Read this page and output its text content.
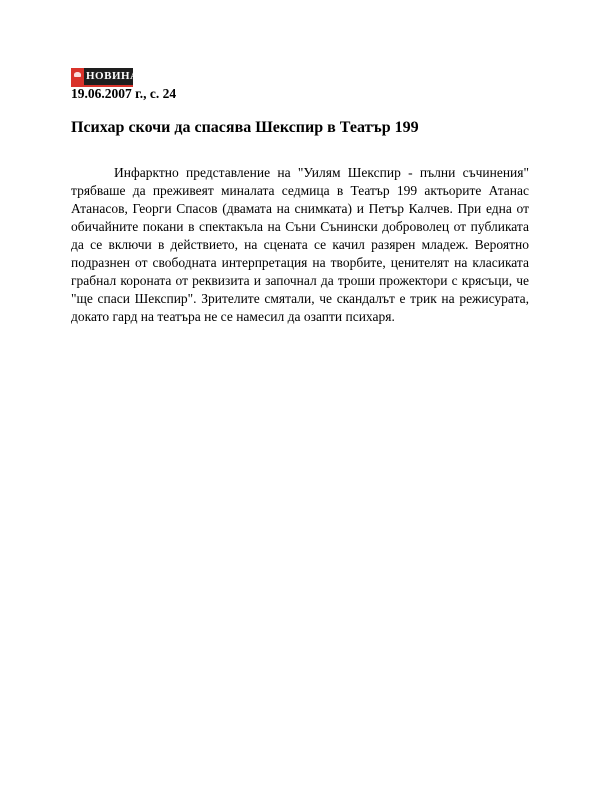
НОВИНАР
19.06.2007 г., с. 24
Психар скочи да спасява Шекспир в Театър 199

Инфарктно представление на "Уилям Шекспир - пълни съчинения" трябваше да преживеят миналата седмица в Театър 199 актьорите Атанас Атанасов, Георги Спасов (двамата на снимката) и Петър Калчев. При една от обичайните покани в спектакъла на Съни Сънински доброволец от публиката да се включи в действието, на сцената се качил разярен младеж. Вероятно подразнен от свободната интерпретация на творбите, ценителят на класиката грабнал короната от реквизита и започнал да троши прожектори с крясъци, че "ще спаси Шекспир". Зрителите смятали, че скандалът е трик на режисурата, докато гард на театъра не се намесил да озапти психаря.
